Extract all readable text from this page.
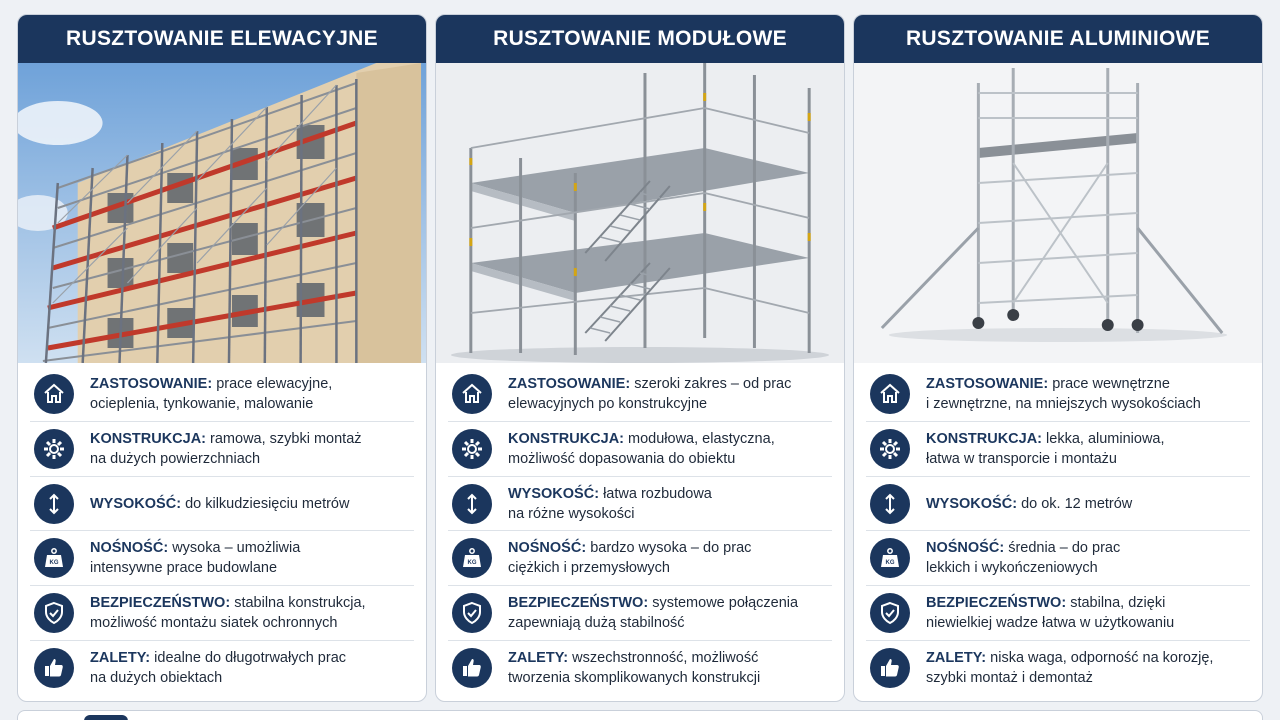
RUSZTOWANIE ELEWACYJNE
ZASTOSOWANIE: prace elewacyjne,
ocieplenia, tynkowanie, malowanie
KONSTRUKCJA: ramowa, szybki montaż
na dużych powierzchniach
WYSOKOŚĆ: do kilkudziesięciu metrów
KG
NOŚNOŚĆ: wysoka – umożliwia
intensywne prace budowlane
BEZPIECZEŃSTWO: stabilna konstrukcja,
możliwość montażu siatek ochronnych
ZALETY: idealne do długotrwałych prac
na dużych obiektach
RUSZTOWANIE MODUŁOWE
ZASTOSOWANIE: szeroki zakres – od prac
elewacyjnych po konstrukcyjne
KONSTRUKCJA: modułowa, elastyczna,
możliwość dopasowania do obiektu
WYSOKOŚĆ: łatwa rozbudowa
na różne wysokości
KG
NOŚNOŚĆ: bardzo wysoka – do prac
ciężkich i przemysłowych
BEZPIECZEŃSTWO: systemowe połączenia
zapewniają dużą stabilność
ZALETY: wszechstronność, możliwość
tworzenia skomplikowanych konstrukcji
RUSZTOWANIE ALUMINIOWE
ZASTOSOWANIE: prace wewnętrzne
i zewnętrzne, na mniejszych wysokościach
KONSTRUKCJA: lekka, aluminiowa,
łatwa w transporcie i montażu
WYSOKOŚĆ: do ok. 12 metrów
KG
NOŚNOŚĆ: średnia – do prac
lekkich i wykończeniowych
BEZPIECZEŃSTWO: stabilna, dzięki
niewielkiej wadze łatwa w użytkowaniu
ZALETY: niska waga, odporność na korozję,
szybki montaż i demontaż
